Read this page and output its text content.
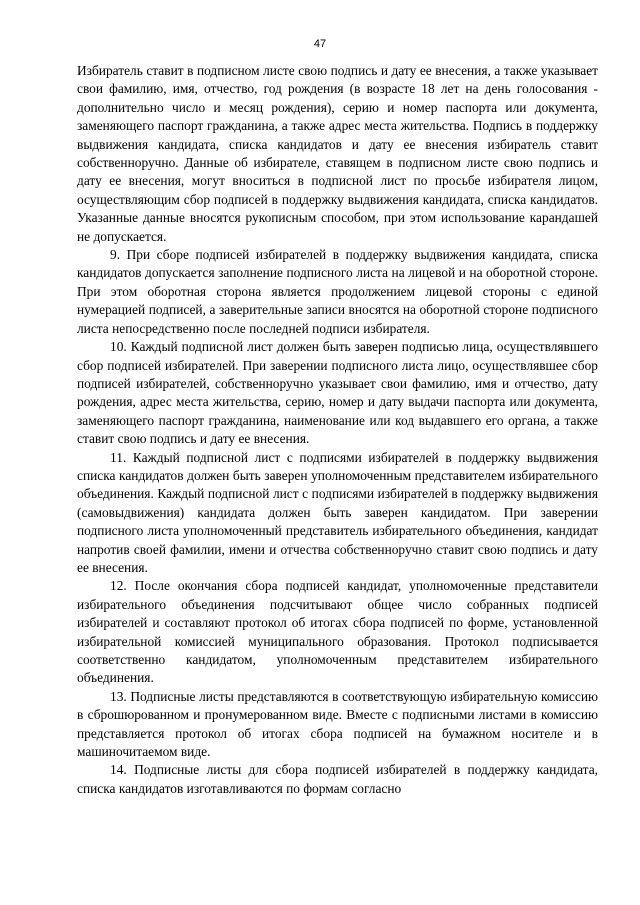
47

Избиратель ставит в подписном листе свою подпись и дату ее внесения, а также указывает свои фамилию, имя, отчество, год рождения (в возрасте 18 лет на день голосования - дополнительно число и месяц рождения), серию и номер паспорта или документа, заменяющего паспорт гражданина, а также адрес места жительства. Подпись в поддержку выдвижения кандидата, списка кандидатов и дату ее внесения избиратель ставит собственноручно. Данные об избирателе, ставящем в подписном листе свою подпись и дату ее внесения, могут вноситься в подписной лист по просьбе избирателя лицом, осуществляющим сбор подписей в поддержку выдвижения кандидата, списка кандидатов. Указанные данные вносятся рукописным способом, при этом использование карандашей не допускается.

9. При сборе подписей избирателей в поддержку выдвижения кандидата, списка кандидатов допускается заполнение подписного листа на лицевой и на оборотной стороне. При этом оборотная сторона является продолжением лицевой стороны с единой нумерацией подписей, а заверительные записи вносятся на оборотной стороне подписного листа непосредственно после последней подписи избирателя.

10. Каждый подписной лист должен быть заверен подписью лица, осуществлявшего сбор подписей избирателей. При заверении подписного листа лицо, осуществлявшее сбор подписей избирателей, собственноручно указывает свои фамилию, имя и отчество, дату рождения, адрес места жительства, серию, номер и дату выдачи паспорта или документа, заменяющего паспорт гражданина, наименование или код выдавшего его органа, а также ставит свою подпись и дату ее внесения.

11. Каждый подписной лист с подписями избирателей в поддержку выдвижения списка кандидатов должен быть заверен уполномоченным представителем избирательного объединения. Каждый подписной лист с подписями избирателей в поддержку выдвижения (самовыдвижения) кандидата должен быть заверен кандидатом. При заверении подписного листа уполномоченный представитель избирательного объединения, кандидат напротив своей фамилии, имени и отчества собственноручно ставит свою подпись и дату ее внесения.

12. После окончания сбора подписей кандидат, уполномоченные представители избирательного объединения подсчитывают общее число собранных подписей избирателей и составляют протокол об итогах сбора подписей по форме, установленной избирательной комиссией муниципального образования. Протокол подписывается соответственно кандидатом, уполномоченным представителем избирательного объединения.

13. Подписные листы представляются в соответствующую избирательную комиссию в сброшюрованном и пронумерованном виде. Вместе с подписными листами в комиссию представляется протокол об итогах сбора подписей на бумажном носителе и в машиночитаемом виде.

14. Подписные листы для сбора подписей избирателей в поддержку кандидата, списка кандидатов изготавливаются по формам согласно
